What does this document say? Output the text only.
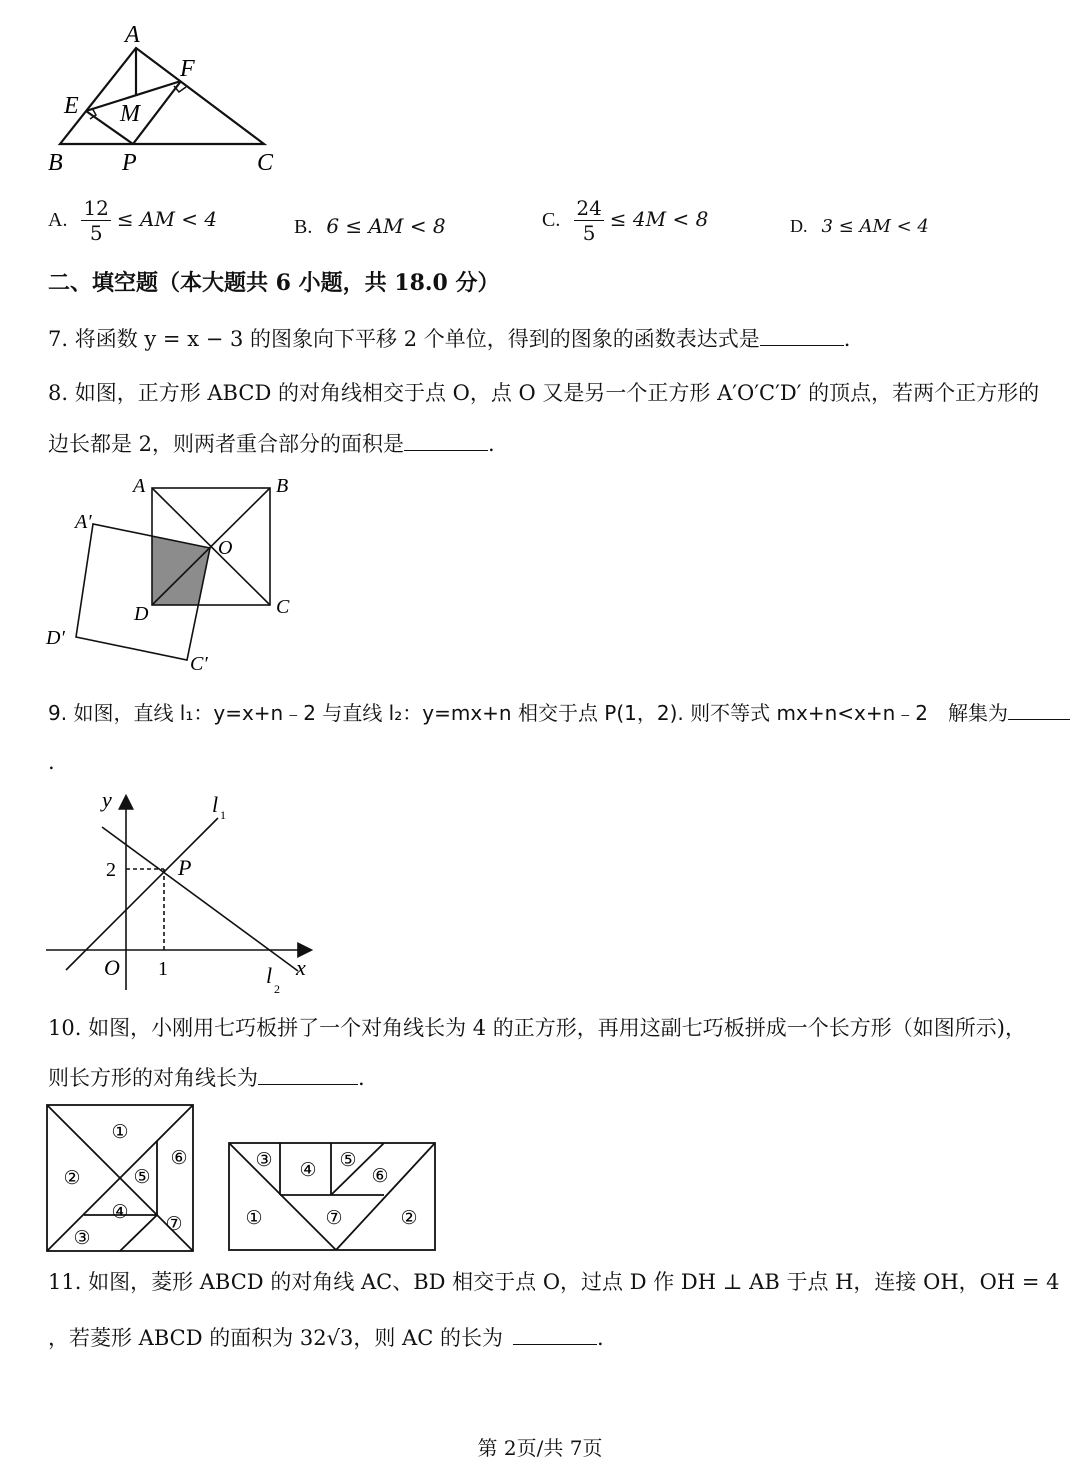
A
F
E M
B P	C
A. $\frac{12}{5}$ ≤ AM < 4	B. 6 ≤ AM < 8	C. $\frac{24}{5} \le 4M < 8$	D. 3 ≤ AM < 4
二、填空题（本大题共 6 小题，共 18.0 分）
7. 将函数 y = x − 3 的图象向下平移 2 个单位，得到的图象的函数表达式是	.
8. 如图，正方形 ABCD 的对角线相交于点 O，点 O 又是另一个正方形 A′O′C′D′ 的顶点，若两个正方形的
边长都是 2，则两者重合部分的面积是	.
A	B
O
C
D
A′
D′
C′
9. 如图，直线 l₁：y=x+n﹣2 与直线 l₂：y=mx+n 相交于点 P(1，2). 则不等式 mx+n<x+n﹣2　解集为
.
y
x
O
2
1
P
l 1
l
2
10. 如图，小刚用七巧板拼了一个对角线长为 4 的正方形，再用这副七巧板拼成一个长方形（如图所示)，
则长方形的对角线长为	.
①
②
③
④
⑤
⑥
⑦	①	②
③ ④ ⑤
⑥
⑦
11. 如图，菱形 ABCD 的对角线 AC、BD 相交于点 O，过点 D 作 DH ⊥ AB 于点 H，连接 OH，OH = 4
，若菱形 ABCD 的面积为 32√3，则 AC 的长为	.
第 2页/共 7页
